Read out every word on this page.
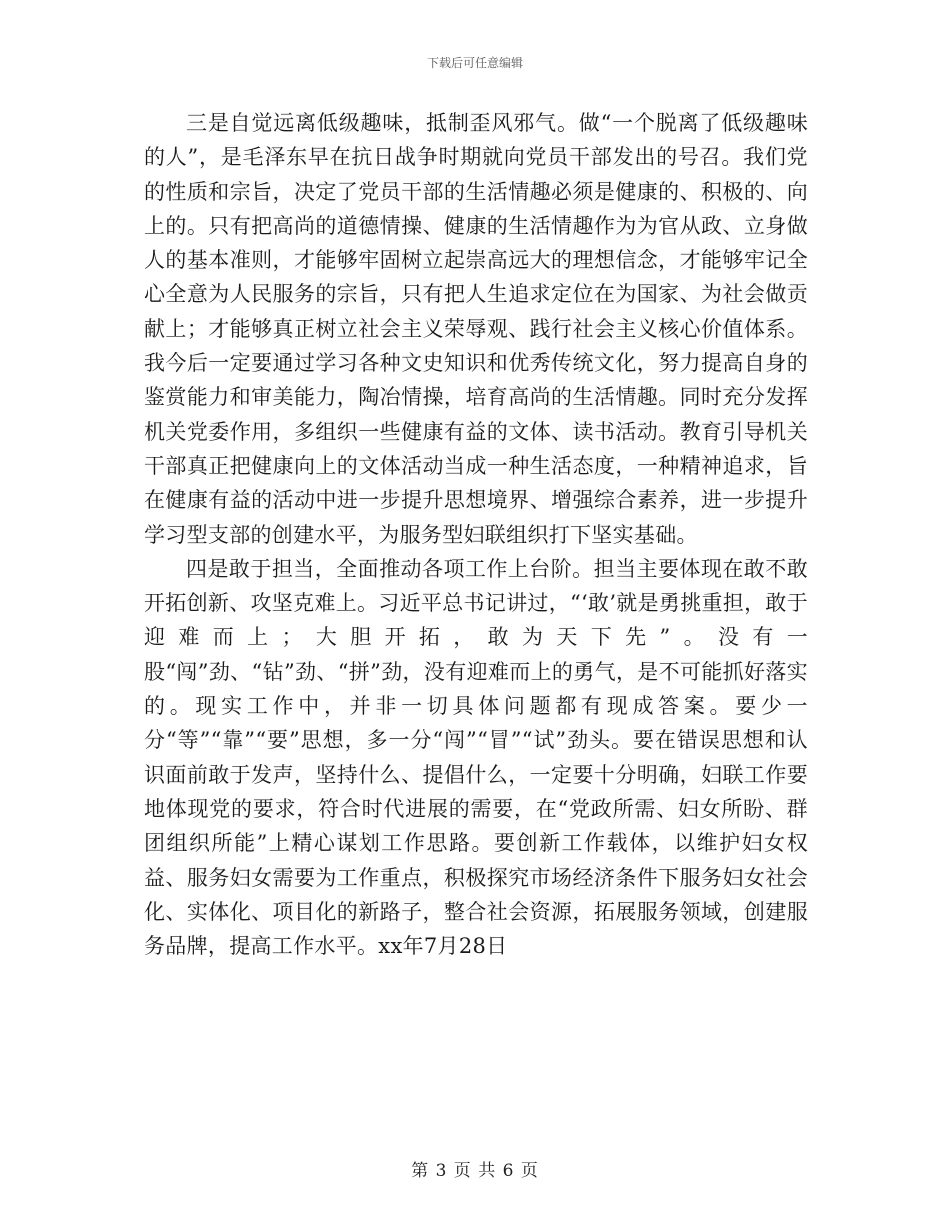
下载后可任意编辑

三是自觉远离低级趣味，抵制歪风邪气。做“一个脱离了低级趣味的人”，是毛泽东早在抗日战争时期就向党员干部发出的号召。我们党的性质和宗旨，决定了党员干部的生活情趣必须是健康的、积极的、向上的。只有把高尚的道德情操、健康的生活情趣作为为官从政、立身做人的基本准则，才能够牢固树立起崇高远大的理想信念，才能够牢记全心全意为人民服务的宗旨，只有把人生追求定位在为国家、为社会做贡献上；才能够真正树立社会主义荣辱观、践行社会主义核心价值体系。我今后一定要通过学习各种文史知识和优秀传统文化，努力提高自身的鉴赏能力和审美能力，陶冶情操，培育高尚的生活情趣。同时充分发挥机关党委作用，多组织一些健康有益的文体、读书活动。教育引导机关干部真正把健康向上的文体活动当成一种生活态度，一种精神追求，旨在健康有益的活动中进一步提升思想境界、增强综合素养，进一步提升学习型支部的创建水平，为服务型妇联组织打下坚实基础。

四是敢于担当，全面推动各项工作上台阶。担当主要体现在敢不敢开拓创新、攻坚克难上。习近平总书记讲过，“‘敢’就是勇挑重担，敢于迎难而上；大胆开拓，敢为天下先”。没有一股“闯”劲、“钻”劲、“拼”劲，没有迎难而上的勇气，是不可能抓好落实的。现实工作中，并非一切具体问题都有现成答案。要少一分“等”“靠”“要”思想，多一分“闯”“冒”“试”劲头。要在错误思想和认识面前敢于发声，坚持什么、提倡什么，一定要十分明确，妇联工作要地体现党的要求，符合时代进展的需要，在“党政所需、妇女所盼、群团组织所能”上精心谋划工作思路。要创新工作载体，以维护妇女权益、服务妇女需要为工作重点，积极探究市场经济条件下服务妇女社会化、实体化、项目化的新路子，整合社会资源，拓展服务领域，创建服务品牌，提高工作水平。xx年7月28日

第 3 页 共 6 页
